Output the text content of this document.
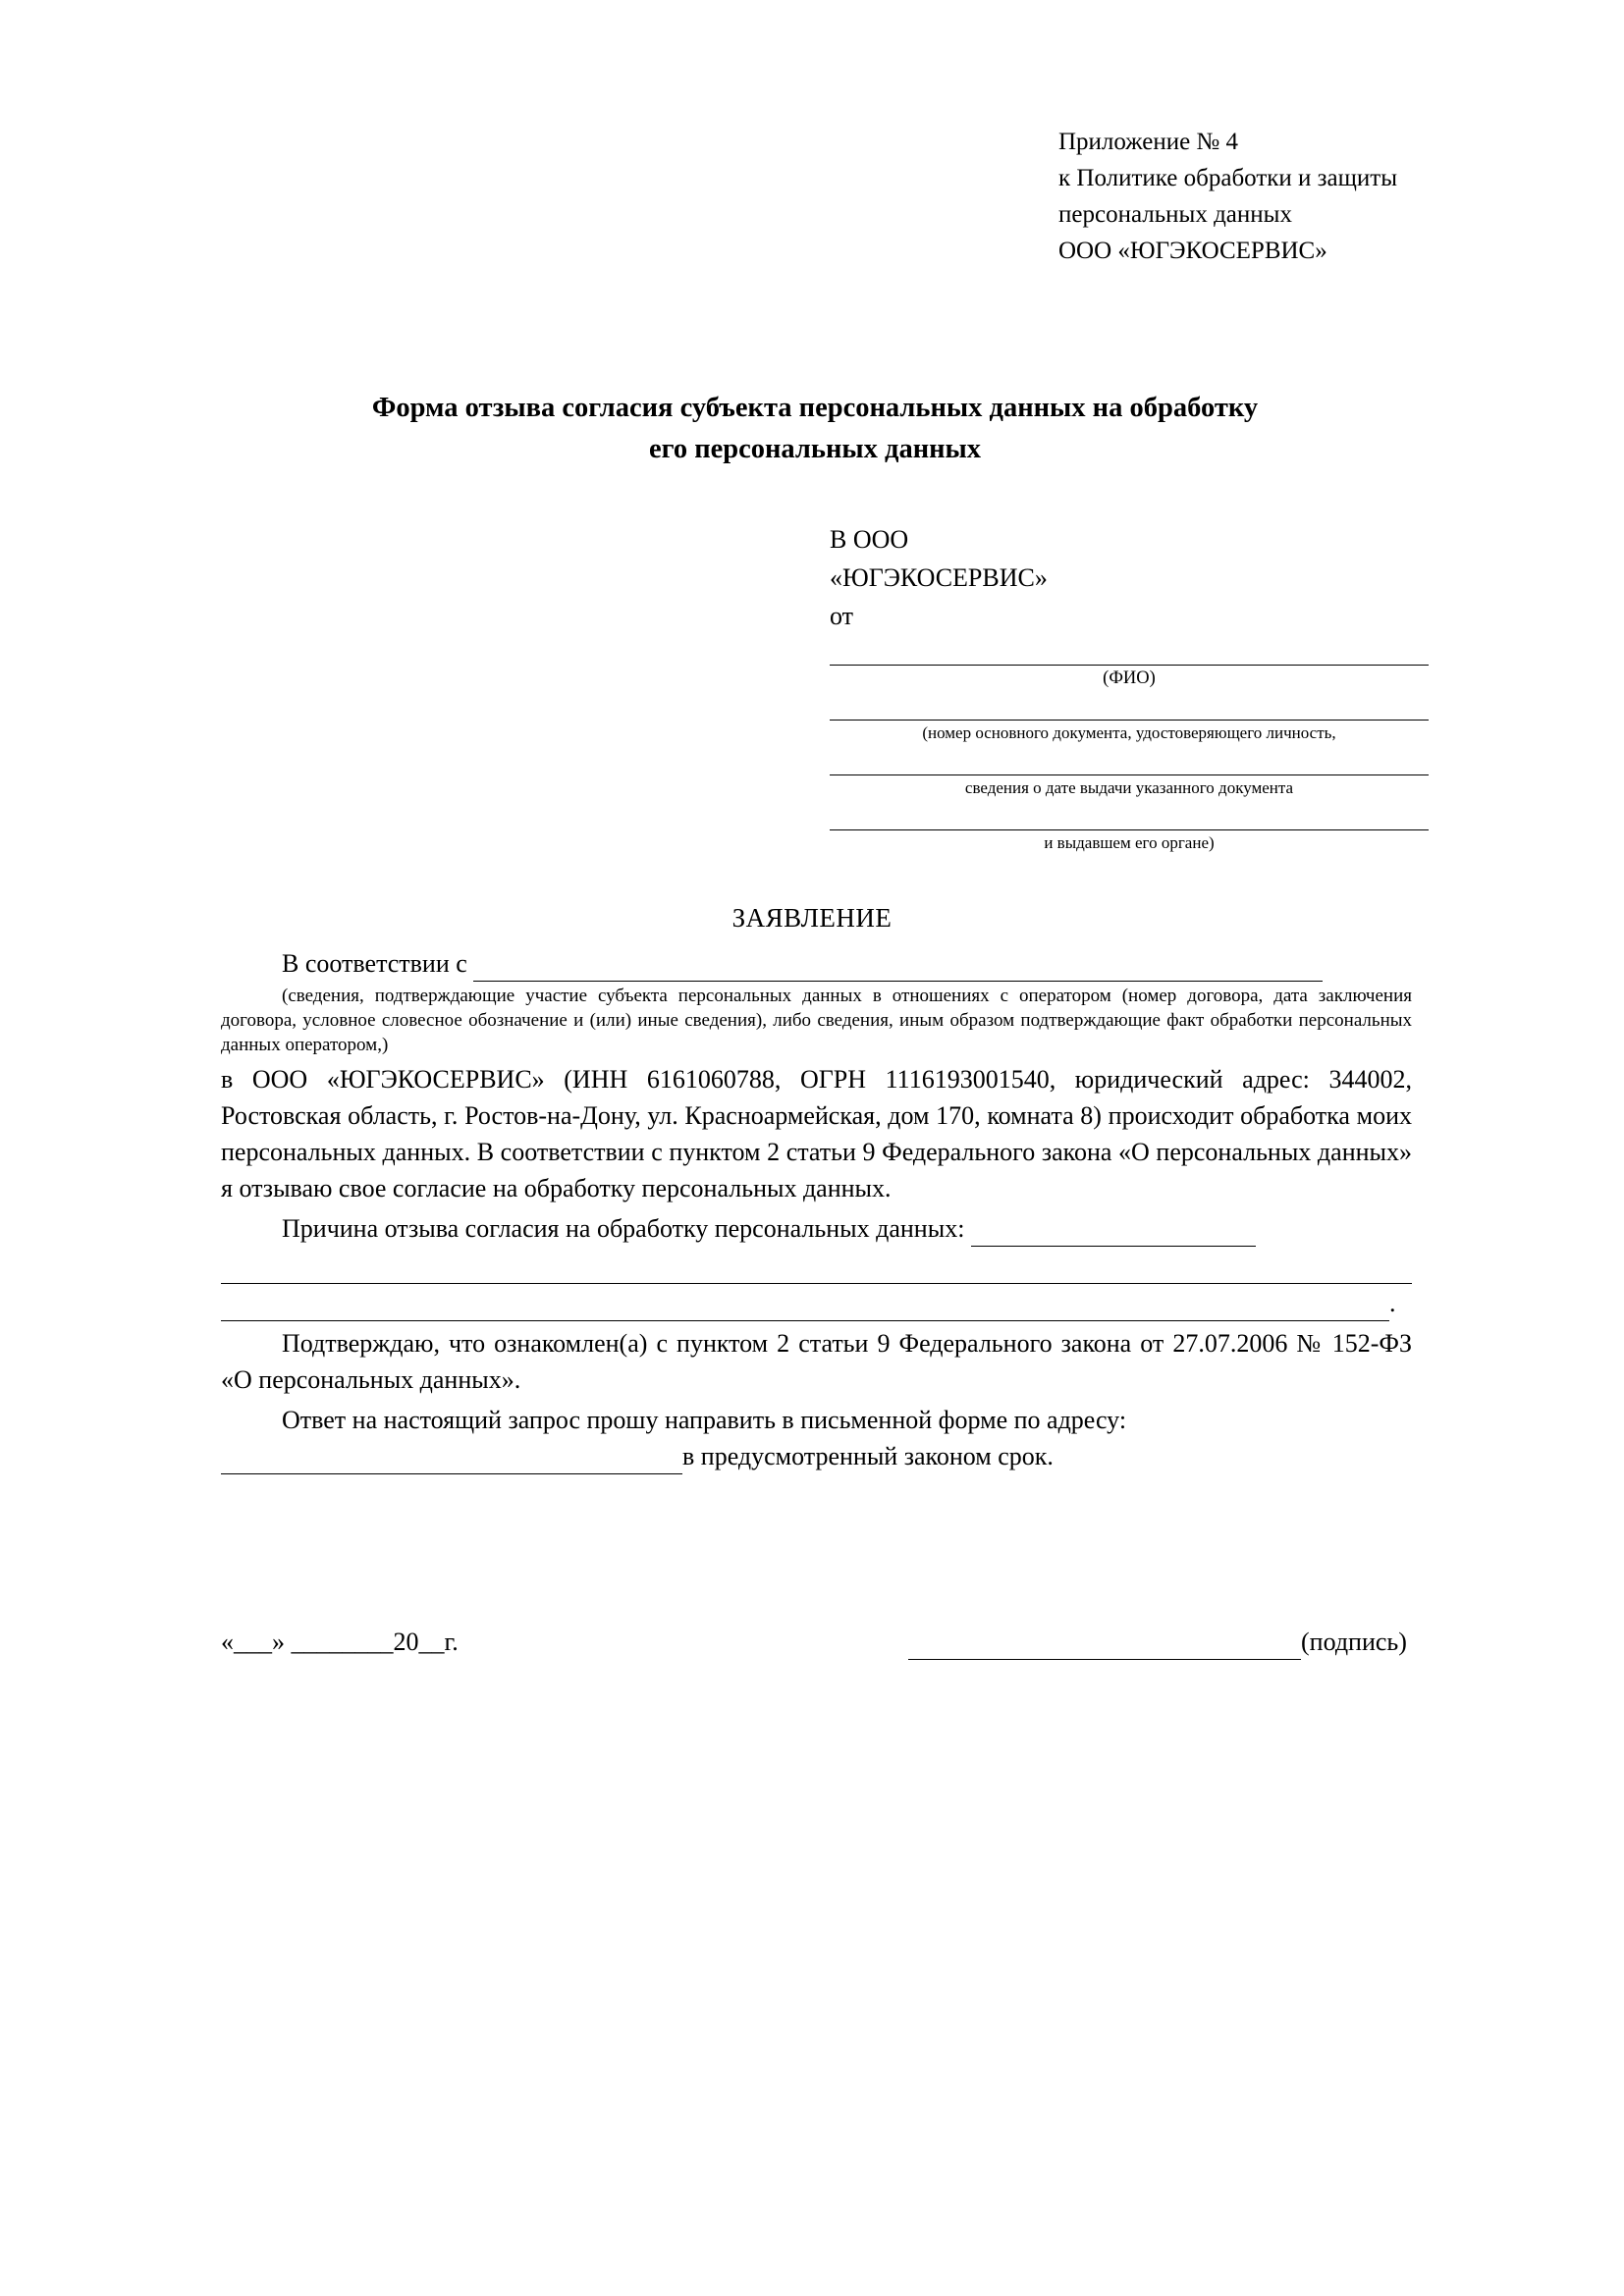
Приложение № 4
к Политике обработки и защиты
персональных данных
ООО «ЮГЭКОСЕРВИС»
Форма отзыва согласия субъекта персональных данных на обработку
его персональных данных
В ООО
«ЮГЭКОСЕРВИС»
от
(ФИО)
(номер основного документа, удостоверяющего личность,
сведения о дате выдачи указанного документа
и выдавшем его органе)
ЗАЯВЛЕНИЕ
В соответствии с
(сведения, подтверждающие участие субъекта персональных данных в отношениях с оператором (номер договора, дата заключения договора, условное словесное обозначение и (или) иные сведения), либо сведения, иным образом подтверждающие факт обработки персональных данных оператором,)
в ООО «ЮГЭКОСЕРВИС» (ИНН 6161060788, ОГРН 1116193001540, юридический адрес: 344002, Ростовская область, г. Ростов-на-Дону, ул. Красноармейская, дом 170, комната 8) происходит обработка моих персональных данных. В соответствии с пунктом 2 статьи 9 Федерального закона «О персональных данных» я отзываю свое согласие на обработку персональных данных.
Причина отзыва согласия на обработку персональных данных:
.
Подтверждаю, что ознакомлен(а) с пунктом 2 статьи 9 Федерального закона от 27.07.2006 № 152-ФЗ «О персональных данных».
Ответ на настоящий запрос прошу направить в письменной форме по адресу:
в предусмотренный законом срок.
«___» ________20__г.	(подпись)
